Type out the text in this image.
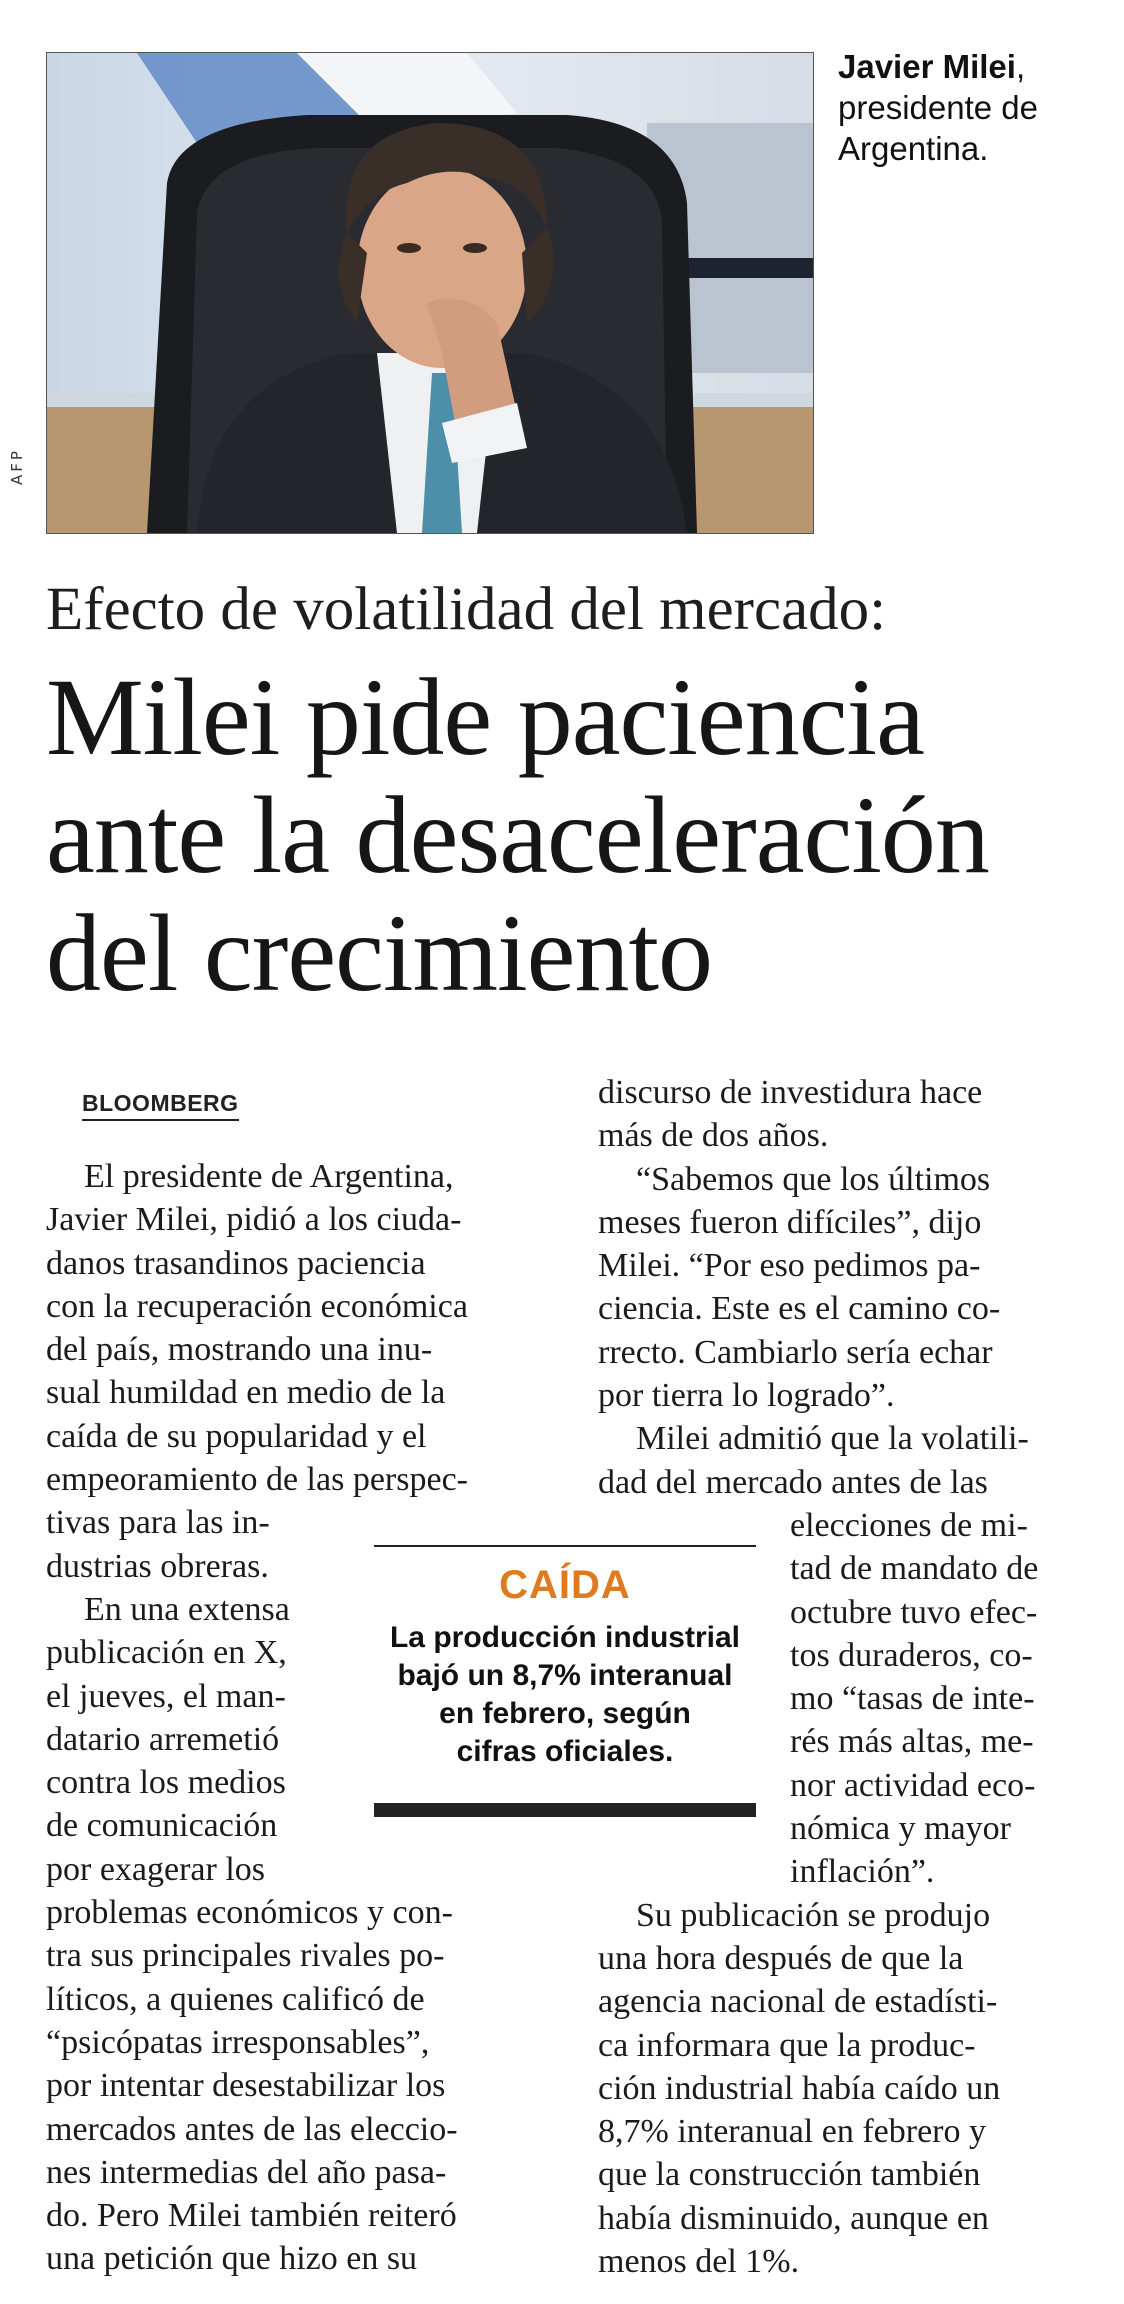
AFP
Javier Milei, presidente de Argentina.
Efecto de volatilidad del mercado:
Milei pide paciencia
ante la desaceleración
del crecimiento
BLOOMBERG
El presidente de Argentina,
Javier Milei, pidió a los ciuda-
danos trasandinos paciencia
con la recuperación económica
del país, mostrando una inu-
sual humildad en medio de la
caída de su popularidad y el
empeoramiento de las perspec-
tivas para las in-
dustrias obreras.
En una extensa
publicación en X,
el jueves, el man-
datario arremetió
contra los medios
de comunicación
por exagerar los
problemas económicos y con-
tra sus principales rivales po-
líticos, a quienes calificó de
“psicópatas irresponsables”,
por intentar desestabilizar los
mercados antes de las eleccio-
nes intermedias del año pasa-
do. Pero Milei también reiteró
una petición que hizo en su
discurso de investidura hace
más de dos años.
“Sabemos que los últimos
meses fueron difíciles”, dijo
Milei. “Por eso pedimos pa-
ciencia. Este es el camino co-
rrecto. Cambiarlo sería echar
por tierra lo logrado”.
Milei admitió que la volatili-
dad del mercado antes de las
elecciones de mi-
tad de mandato de
octubre tuvo efec-
tos duraderos, co-
mo “tasas de inte-
rés más altas, me-
nor actividad eco-
nómica y mayor
inflación”.
Su publicación se produjo
una hora después de que la
agencia nacional de estadísti-
ca informara que la produc-
ción industrial había caído un
8,7% interanual en febrero y
que la construcción también
había disminuido, aunque en
menos del 1%.
CAÍDA
La producción industrial
bajó un 8,7% interanual
en febrero, según
cifras oficiales.
